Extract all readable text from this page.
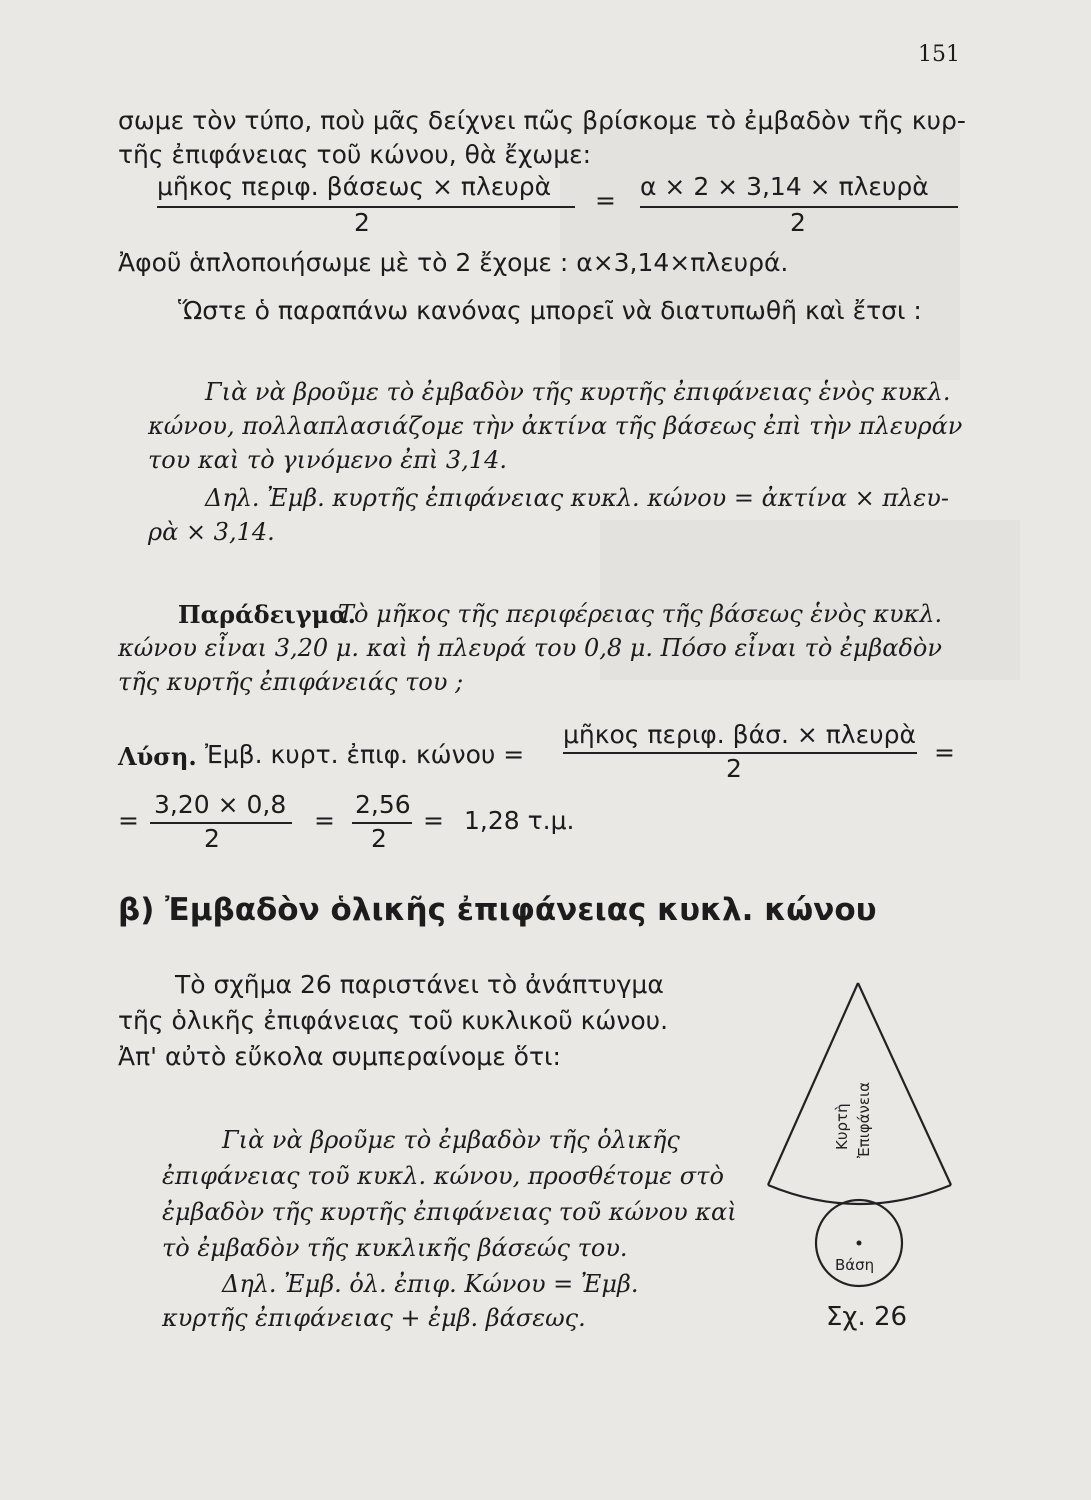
151
σωμε τὸν τύπο, ποὺ μᾶς δείχνει πῶς βρίσκομε τὸ ἐμβαδὸν τῆς κυρ-
τῆς ἐπιφάνειας τοῦ κώνου, θὰ ἔχωμε:
μῆκος περιφ. βάσεως × πλευρὰ
2
= α × 2 × 3,14 × πλευρὰ
2
Ἀφοῦ ἁπλοποιήσωμε μὲ τὸ 2 ἔχομε : α×3,14×πλευρά.
Ὥστε ὁ παραπάνω κανόνας μπορεῖ νὰ διατυπωθῆ καὶ ἔτσι :
Γιὰ νὰ βροῦμε τὸ ἐμβαδὸν τῆς κυρτῆς ἐπιφάνειας ἑνὸς κυκλ.
κώνου, πολλαπλασιάζομε τὴν ἀκτίνα τῆς βάσεως ἐπὶ τὴν πλευράν
του καὶ τὸ γινόμενο ἐπὶ 3,14.
Δηλ. Ἐμβ. κυρτῆς ἐπιφάνειας κυκλ. κώνου = ἀκτίνα × πλευ-
ρὰ × 3,14.
Παράδειγμα.
Τὸ μῆκος τῆς περιφέρειας τῆς βάσεως ἑνὸς κυκλ.
κώνου εἶναι 3,20 μ. καὶ ἡ πλευρά του 0,8 μ. Πόσο εἶναι τὸ ἐμβαδὸν
τῆς κυρτῆς ἐπιφάνειάς του ;
Λύση. Ἐμβ. κυρτ. ἐπιφ. κώνου =
μῆκος περιφ. βάσ. × πλευρὰ
2
=
=
3,20 × 0,8
2
=
2,56
2
= 1,28 τ.μ.
β) Ἐμβαδὸν ὁλικῆς ἐπιφάνειας κυκλ. κώνου
Τὸ σχῆμα 26 παριστάνει τὸ ἀνάπτυγμα
τῆς ὁλικῆς ἐπιφάνειας τοῦ κυκλικοῦ κώνου.
Ἀπ' αὐτὸ εὔκολα συμπεραίνομε ὅτι:
Γιὰ νὰ βροῦμε τὸ ἐμβαδὸν τῆς ὁλικῆς
ἐπιφάνειας τοῦ κυκλ. κώνου, προσθέτομε στὸ
ἐμβαδὸν τῆς κυρτῆς ἐπιφάνειας τοῦ κώνου καὶ
τὸ ἐμβαδὸν τῆς κυκλικῆς βάσεώς του.
Δηλ. Ἐμβ. ὁλ. ἐπιφ. Κώνου = Ἐμβ.
κυρτῆς ἐπιφάνειας + ἐμβ. βάσεως.
Κυρτὴ Ἐπιφάνεια
Βάση
Σχ. 26
